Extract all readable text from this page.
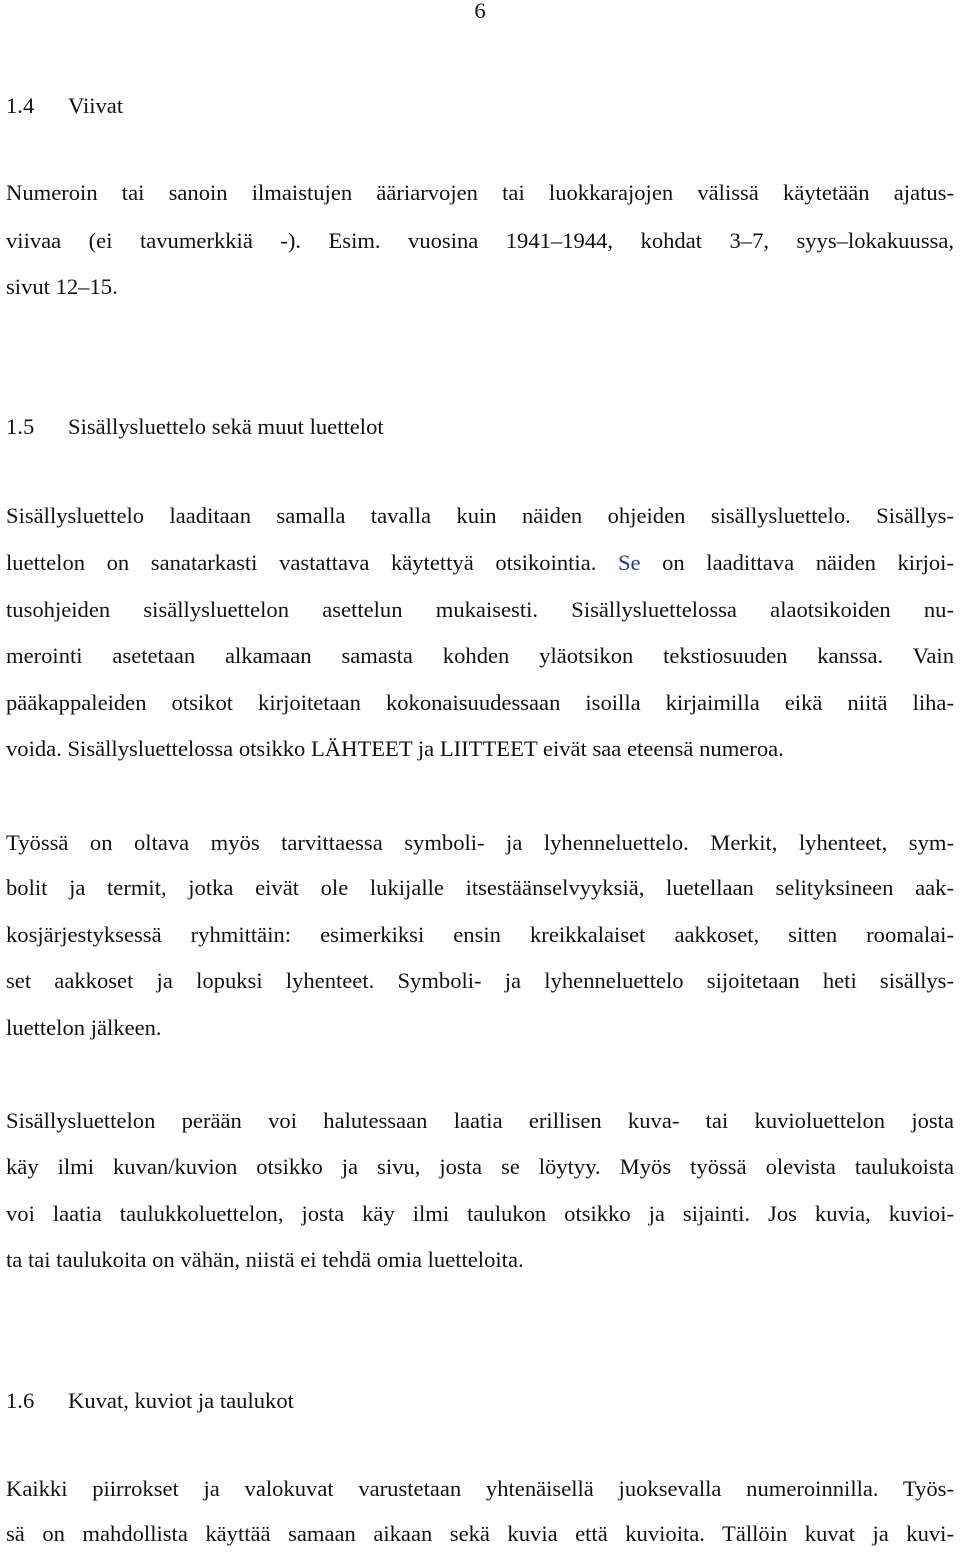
6
1.4 Viivat
Numeroin tai sanoin ilmaistujen ääriarvojen tai luokkarajojen välissä käytetään ajatus-
viivaa (ei tavumerkkiä -). Esim. vuosina 1941–1944, kohdat 3–7, syys–lokakuussa,
sivut 12–15.
1.5 Sisällysluettelo sekä muut luettelot
Sisällysluettelo laaditaan samalla tavalla kuin näiden ohjeiden sisällysluettelo. Sisällys-
luettelon on sanatarkasti vastattava käytettyä otsikointia. Se on laadittava näiden kirjoi-
tusohjeiden sisällysluettelon asettelun mukaisesti. Sisällysluettelossa alaotsikoiden nu-
merointi asetetaan alkamaan samasta kohden yläotsikon tekstiosuuden kanssa. Vain
pääkappaleiden otsikot kirjoitetaan kokonaisuudessaan isoilla kirjaimilla eikä niitä liha-
voida. Sisällysluettelossa otsikko LÄHTEET ja LIITTEET eivät saa eteensä numeroa.
Työssä on oltava myös tarvittaessa symboli- ja lyhenneluettelo. Merkit, lyhenteet, sym-
bolit ja termit, jotka eivät ole lukijalle itsestäänselvyyksiä, luetellaan selityksineen aak-
kosjärjestyksessä ryhmittäin: esimerkiksi ensin kreikkalaiset aakkoset, sitten roomalai-
set aakkoset ja lopuksi lyhenteet. Symboli- ja lyhenneluettelo sijoitetaan heti sisällys-
luettelon jälkeen.
Sisällysluettelon perään voi halutessaan laatia erillisen kuva- tai kuvioluettelon josta
käy ilmi kuvan/kuvion otsikko ja sivu, josta se löytyy. Myös työssä olevista taulukoista
voi laatia taulukkoluettelon, josta käy ilmi taulukon otsikko ja sijainti. Jos kuvia, kuvioi-
ta tai taulukoita on vähän, niistä ei tehdä omia luetteloita.
1.6 Kuvat, kuviot ja taulukot
Kaikki piirrokset ja valokuvat varustetaan yhtenäisellä juoksevalla numeroinnilla. Työs-
sä on mahdollista käyttää samaan aikaan sekä kuvia että kuvioita. Tällöin kuvat ja kuvi-
